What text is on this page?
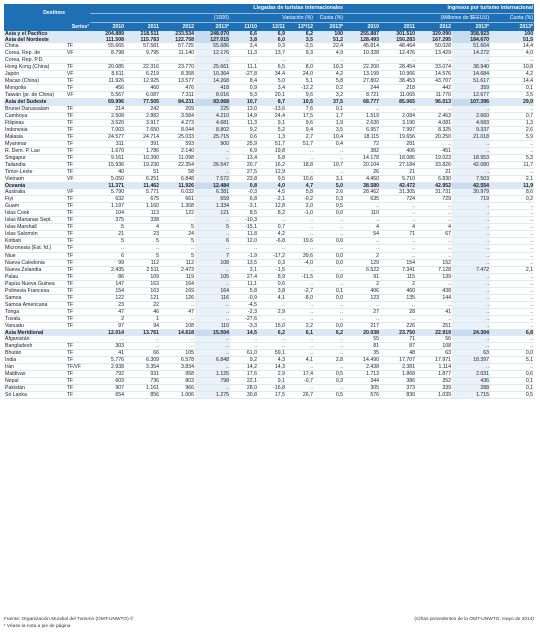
Destinos		Llegadas de turistas internacionales								Ingresos por turismo internacional				
		(1000)				Variación (%)			Cuota (%)	(Millones de $EEUU)				Cuota (%)
	Series¹	2010	2011	2012	2013*	11/10	12/11	13*/12	2013*	2010	2011	2012	2013*	2013*
Asia y el Pacífico		204.889	218.511	233.534	248.070	6,6	6,9	6,2	100	255.887	301.510	329.090	358.923	100
Asia del Nordeste		111.508	115.783	122.758	127.015	3,8	6,0	3,5	51,2	128.493	150.283	167.295	184.670	51,5
China	TF	55.665	57.581	57.725	55.686	3,4	0,3	-3,5	22,4	45.814	48.464	50.028	51.664	14,4
Corea, Rep. de	VF	8.798	9.795	11.140	12.176	11,3	13,7	9,3	4,9	10.328	12.476	13.429	14.272	4,0
Corea, Rep. P.D.		..	..	..	..	..	..	..	..	..	..	..	..	..
Hong Kong (China)	TF	20.085	22.316	23.770	25.661	11,1	6,5	8,0	10,3	22.200	28.454	33.074	38.940	10,8
Japón	VF	8.611	6.219	8.358	10.364	-27,8	34,4	24,0	4,2	13.199	10.966	14.576	14.684	4,2
Macao (China)	TF	11.926	12.925	13.577	14.268	8,4	5,0	5,1	5,8	27.802	38.453	43.707	51.617	14,4
Mongolia	TF	456	460	476	418	0,9	3,4	-12,2	0,2	244	218	442	359	0,1
Taiwán (pr. de China)	VF	5.567	6.087	7.311	8.016	9,3	20,1	9,6	3,2	8.721	11.065	11.770	12.677	3,5
Asia del Sudeste		69.996	77.505	84.231	93.068	10,7	8,7	10,5	37,5	68.777	85.065	96.013	107.396	29,9
Brunei Darussalam	TF	214	242	209	225	13,0	-13,6	7,6	0,1	..	..	..	..	..
Camboya	TF	2.508	2.882	3.584	4.210	14,9	24,4	17,5	1,7	1.519	2.084	2.463	2.660	0,7
Filipinas	TF	3.520	3.917	4.273	4.681	11,3	9,1	9,6	1,9	2.630	3.190	4.081	4.683	1,3
Indonesia	TF	7.003	7.650	8.044	8.802	9,2	5,2	9,4	3,5	6.957	7.997	8.325	9.337	2,6
Malasia	TF	24.577	24.714	25.033	25.715	0,6	1,3	2,7	10,4	18.115	19.656	20.250	21.018	5,9
Myanmar	TF	311	391	593	900	25,9	51,7	51,7	0,4	72	281	..	..	..
R. Dem. P. Lao	TF	1.670	1.786	2.140	..	6,9	19,8	..	..	382	406	451	..	..
Singapur	TF	9.161	10.390	11.098	..	13,4	6,8	..	..	14.178	18.086	19.023	18.953	5,3
Tailandia	TF	15.936	19.230	22.354	26.547	20,7	16,2	18,8	10,7	20.104	27.184	33.826	42.080	11,7
Timor-Leste	TF	40	51	58	..	27,5	12,9	..	..	26	21	21	..	..
Vietnam	VF	5.050	6.251	6.848	7.572	23,8	9,5	10,6	3,1	4.450	5.710	6.830	7.503	2,1
Oceanía		11.371	11.462	11.926	12.484	0,8	4,0	4,7	5,0	38.580	42.472	42.952	42.554	11,9
Australia	VF	5.790	5.771	6.032	6.381	-0,3	4,5	5,8	2,6	28.462	31.305	31.731	30.979	8,6
Fiyi	TF	632	675	661	659	6,8	-2,1	-0,2	0,3	635	724	729	719	0,2
Guam	TF	1.197	1.160	1.308	1.334	-3,1	12,8	2,0	0,5	..	..	..	..	..
Islas Cook	TF	104	113	122	121	8,5	8,2	-1,0	0,0	110	..	..	..	..
Islas Marianas Sept.	TF	375	338	..	..	-10,3	..	..	..	..	..	..	..	..
Islas Marshall	TF	5	4	5	5	-15,1	0,7	..	..	4	4	4	..	..
Islas Salomón	TF	21	23	24	..	11,8	4,2	..	..	54	71	67	..	..
Kiribati	TF	5	5	5	6	12,0	-6,8	19,6	0,0	..	..	..	..	..
Micronesia (Est. fd.)	TF	..	..	..	..	..	..	..	..	..	..	..	..	..
Niue	TF	6	5	5	7	-1,9	-17,2	39,6	0,0	2	..	..	..	..
Nueva Caledonia	TF	99	112	112	108	13,5	0,3	-4,0	0,0	129	154	152	..	..
Nueva Zelandia	TF	2.435	2.511	2.473	..	3,1	-1,5	..	..	6.522	7.341	7.128	7.472	2,1
Palau	TF	86	109	119	105	27,4	8,9	-11,5	0,0	91	115	139	..	..
Papúa Nueva Guinea	TF	147	163	164	..	11,1	0,6	..	..	2	2	..	..	..
Polinesia Francesa	TF	154	163	169	164	5,8	3,8	-2,7	0,1	406	460	438	..	..
Samoa	TF	122	121	126	116	-0,9	4,1	-8,0	0,0	123	135	144	..	..
Samoa Americana	TF	23	22	..	..	-4,5	..	..	..	..	..	..	..	..
Tonga	TF	47	46	47	..	-2,3	2,9	..	..	27	28	41	..	..
Tuvalu	TF	2	1	..	..	-27,6	..	..	..	..	..	..	..	..
Vanuatu	TF	97	94	108	110	-3,3	15,0	2,2	0,0	217	226	251	..	..
Asia Meridional		12.014	13.761	14.618	15.504	14,5	6,2	6,1	6,2	20.038	23.750	22.919	24.304	6,8
Afganistán		..	..	..	..	..	..	..	..	55	71	56	..	..
Bangladesh	TF	303	..	..	..	..	..	..	..	81	87	108	..	..
Bhután	TF	41	66	105	..	61,0	59,1	..	..	35	48	63	63	0,0
India	TF	5.776	6.309	6.578	6.848	9,2	4,3	4,1	2,8	14.490	17.707	17.971	18.397	5,1
Irán	TF/VF	2.938	3.354	3.834	..	14,2	14,3	..	..	2.438	2.381	1.114	..	..
Maldivas	TF	792	931	958	1.125	17,6	2,9	17,4	0,5	1.713	1.868	1.877	2.031	0,6
Nepal	TF	603	736	803	798	22,1	9,1	-0,7	0,3	344	386	352	436	0,1
Pakistán	TF	907	1.161	966	..	28,0	-16,8	..	..	305	373	339	288	0,1
Sri Lanka	TF	654	856	1.006	1.275	30,8	17,5	26,7	0,5	576	830	1.039	1.715	0,5
Fuente: Organización Mundial del Turismo (OMT-UNWTO) ©	(Cifras procedentes de la OMT-UNWTO, mayo de 2014)
¹ Véase la nota a pie de página
